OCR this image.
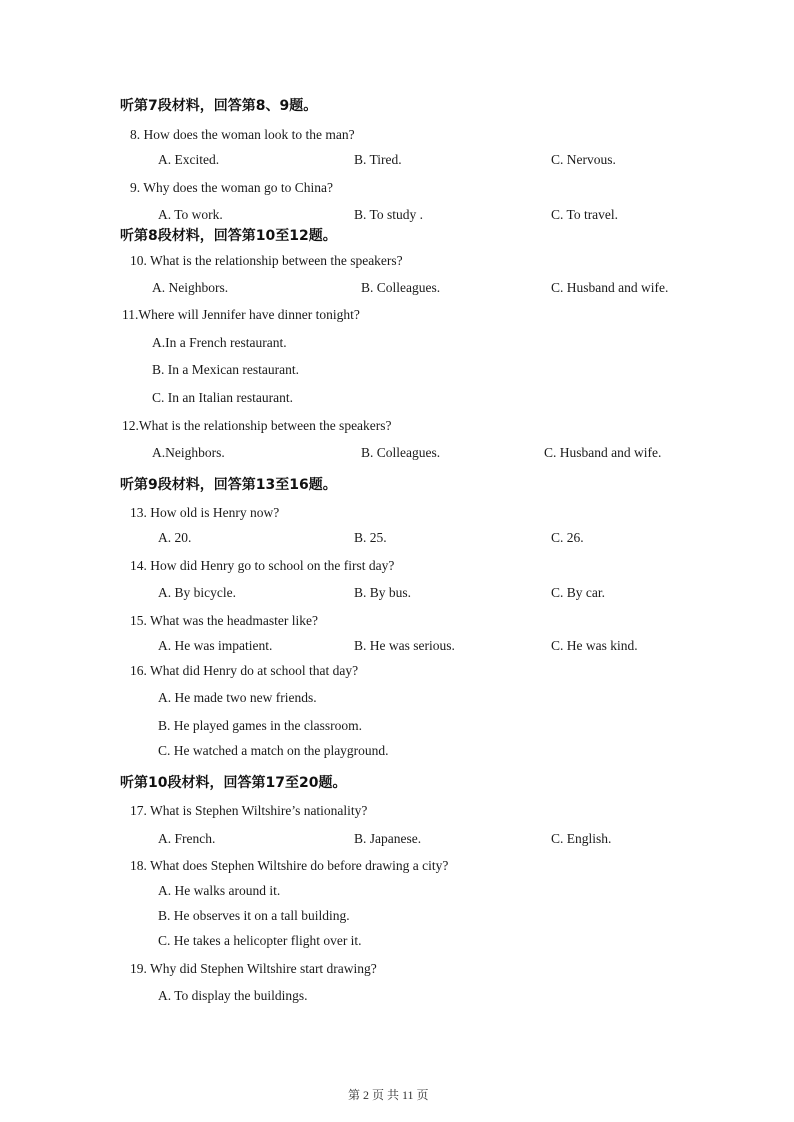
听第7段材料，回答第8、9题。
8. How does the woman look to the man?
A. Excited.	B. Tired.	C. Nervous.
9. Why does the woman go to China?
A. To work.	B. To study .	C. To travel.
听第8段材料，回答第10至12题。
10. What is the relationship between the speakers?
A. Neighbors.	B. Colleagues.	C. Husband and wife.
11.Where will Jennifer have dinner tonight?
A.In a French restaurant.
B. In a Mexican restaurant.
C. In an Italian restaurant.
12.What is the relationship between the speakers?
A.Neighbors.	B. Colleagues.	C. Husband and wife.
听第9段材料，回答第13至16题。
13. How old is Henry now?
A. 20.	B. 25.	C. 26.
14. How did Henry go to school on the first day?
A. By bicycle.	B. By bus.	C. By car.
15. What was the headmaster like?
A. He was impatient.	B. He was serious.	C. He was kind.
16. What did Henry do at school that day?
A. He made two new friends.
B. He played games in the classroom.
C. He watched a match on the playground.
听第10段材料，回答第17至20题。
17. What is Stephen Wiltshire’s nationality?
A. French.	B. Japanese.	C. English.
18. What does Stephen Wiltshire do before drawing a city?
A. He walks around it.
B. He observes it on a tall building.
C. He takes a helicopter flight over it.
19. Why did Stephen Wiltshire start drawing?
A. To display the buildings.
第 2 页 共 11 页
